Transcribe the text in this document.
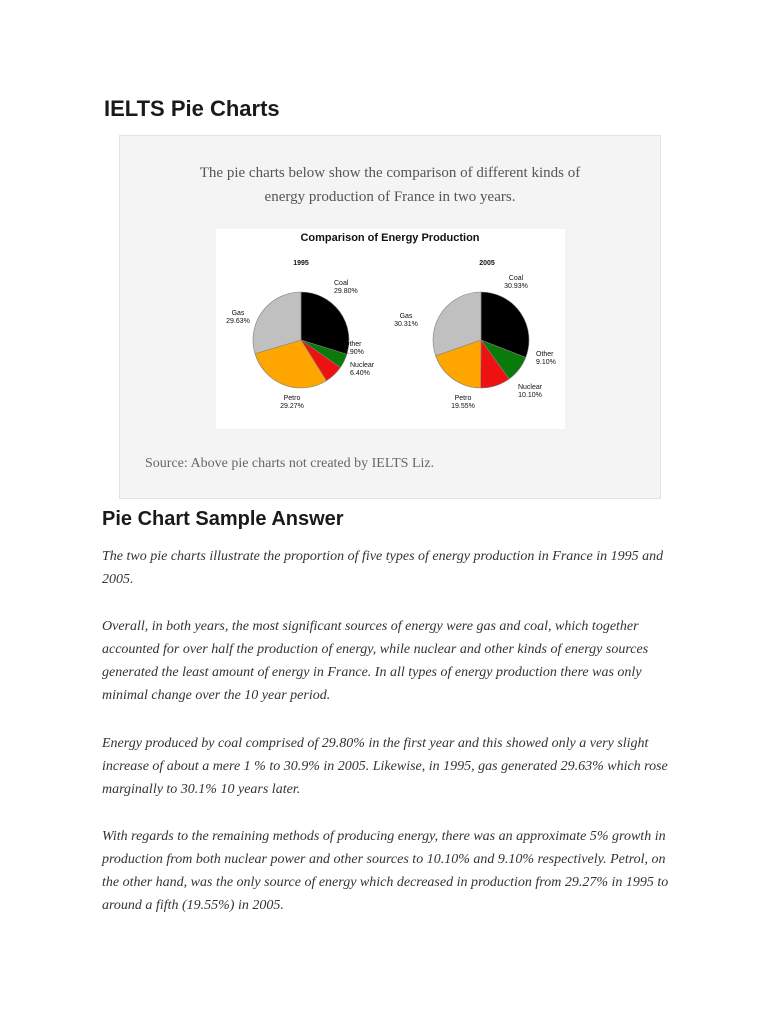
IELTS Pie Charts
The pie charts below show the comparison of different kinds of
energy production of France in two years.
Comparison of Energy Production
1995
Coal
29.80%
Other
4.90%
Nuclear
6.40%
Petro
29.27%
Gas
29.63%
2005
Coal
30.93%
Other
9.10%
Nuclear
10.10%
Petro
19.55%
Gas
30.31%
Source: Above pie charts not created by IELTS Liz.
Pie Chart Sample Answer

The two pie charts illustrate the proportion of five types of energy production in France in 1995 and 2005.

Overall, in both years, the most significant sources of energy were gas and coal, which together accounted for over half the production of energy, while nuclear and other kinds of energy sources generated the least amount of energy in France. In all types of energy production there was only minimal change over the 10 year period.

Energy produced by coal comprised of 29.80% in the first year and this showed only a very slight increase of about a mere 1 % to 30.9% in 2005. Likewise, in 1995, gas generated 29.63% which rose marginally to 30.1% 10 years later.

With regards to the remaining methods of producing energy, there was an approximate 5% growth in production from both nuclear power and other sources to 10.10% and 9.10% respectively. Petrol, on the other hand, was the only source of energy which decreased in production from 29.27% in 1995 to around a fifth (19.55%) in 2005.
